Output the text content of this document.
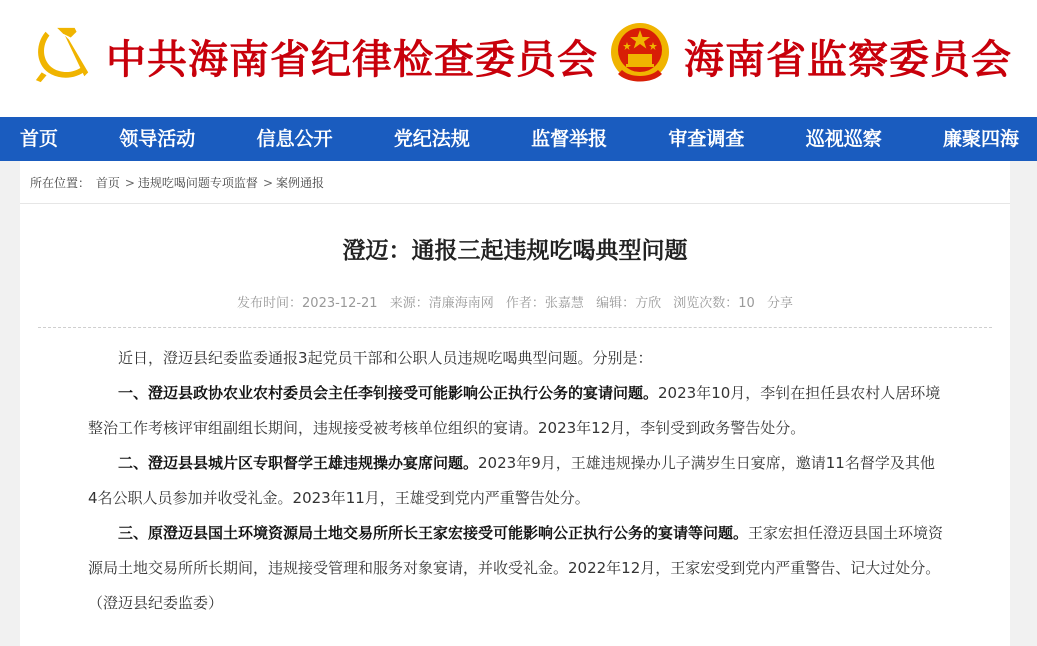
中共海南省纪律检查委员会 海南省监察委员会
首页	领导活动	信息公开	党纪法规	监督举报	审查调查	巡视巡察	廉聚四海
所在位置： 首页 > 违规吃喝问题专项监督 > 案例通报
澄迈：通报三起违规吃喝典型问题
发布时间：2023-12-21 来源：清廉海南网 作者：张嘉慧 编辑：方欣 浏览次数：10 分享

近日，澄迈县纪委监委通报3起党员干部和公职人员违规吃喝典型问题。分别是：

一、澄迈县政协农业农村委员会主任李钊接受可能影响公正执行公务的宴请问题。2023年10月，李钊在担任县农村人居环境整治工作考核评审组副组长期间，违规接受被考核单位组织的宴请。2023年12月，李钊受到政务警告处分。

二、澄迈县县城片区专职督学王雄违规操办宴席问题。2023年9月，王雄违规操办儿子满岁生日宴席，邀请11名督学及其他4名公职人员参加并收受礼金。2023年11月，王雄受到党内严重警告处分。

三、原澄迈县国土环境资源局土地交易所所长王家宏接受可能影响公正执行公务的宴请等问题。王家宏担任澄迈县国土环境资源局土地交易所所长期间，违规接受管理和服务对象宴请，并收受礼金。2022年12月，王家宏受到党内严重警告、记大过处分。（澄迈县纪委监委）
